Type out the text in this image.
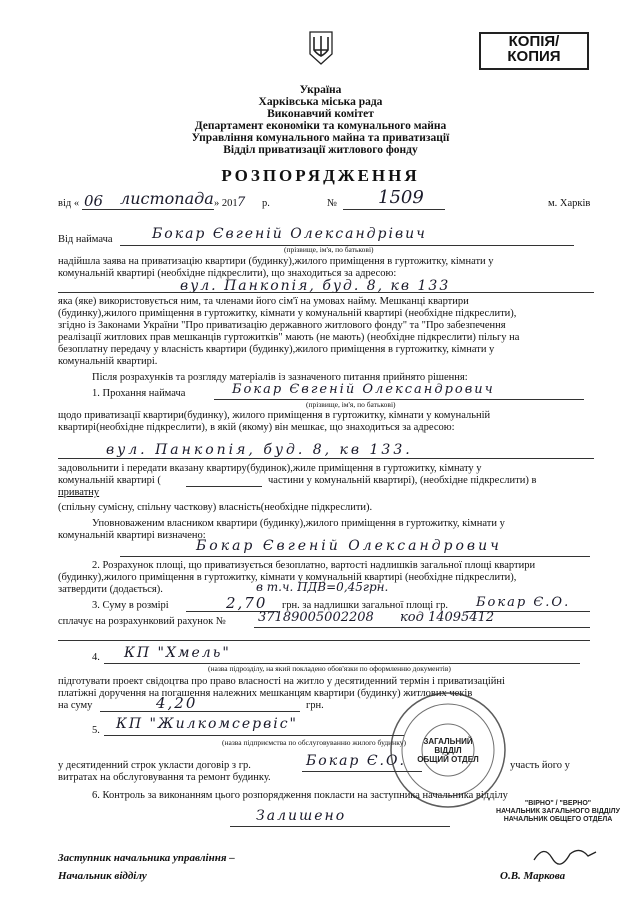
КОПІЯ/
КОПИЯ
Україна
Харківська міська рада
Виконавчий комітет
Департамент економіки та комунального майна
Управління комунального майна та приватизації
Відділ приватизації житлового фонду
РОЗПОРЯДЖЕННЯ
від « 06 листопада » 201 7 р.	№ 1509	м. Харків
Від наймача	Бокар Євгеній Олександрівич
(прізвище, ім'я, по батькові)
надійшла заява на приватизацію квартири (будинку),жилого приміщення в гуртожитку, кімнати у
комунальній квартирі (необхідне підкреслити), що знаходиться за адресою:
вул. Панкопія, буд. 8, кв 133
яка (яке) використовується ним, та членами його сім'ї на умовах найму. Мешканці квартири
(будинку),жилого приміщення в гуртожитку, кімнати у комунальній квартирі (необхідне підкреслити),
згідно із Законами України "Про приватизацію державного житлового фонду" та "Про забезпечення
реалізації житлових прав мешканців гуртожитків" мають (не мають) (необхідне підкреслити) пільгу на
безоплатну передачу у власність квартири (будинку),жилого приміщення в гуртожитку, кімнати у
комунальній квартирі.
Після розрахунків та розгляду матеріалів із зазначеного питання прийнято рішення:
1. Прохання наймача	Бокар Євгеній Олександрович
(прізвище, ім'я, по батькові)
щодо приватизації квартири(будинку), жилого приміщення в гуртожитку, кімнати у комунальній
квартирі(необхідне підкреслити), в якій (якому) він мешкає, що знаходиться за адресою:
вул. Панкопія, буд. 8, кв 133.
задовольнити і передати вказану квартиру(будинок),жиле приміщення в гуртожитку, кімнату у
комунальній квартирі (	частини у комунальній квартирі), (необхідне підкреслити) в
приватну
(спільну сумісну, спільну часткову) власність(необхідне підкреслити).
Уповноваженим власником квартири (будинку),жилого приміщення в гуртожитку, кімнати у
комунальній квартирі визначено:
Бокар Євгеній Олександрович
2. Розрахунок площі, що приватизується безоплатно, вартості надлишків загальної площі квартири
(будинку),жилого приміщення в гуртожитку, кімнати у комунальній квартирі (необхідне підкреслити),
затвердити (додається).	в т.ч. ПДВ=0,45грн.
3. Суму в розмірі	2,70 грн. за надлишки загальної площі гр. Бокар Є.О.
сплачує на розрахунковий рахунок № 37189005002208 код 14095412
4. КП "Хмель"
(назва підрозділу, на який покладено обов'язки по оформленню документів)
підготувати проект свідоцтва про право власності на житло у десятиденний термін і приватизаційні
платіжні доручення на погашення належних мешканцям квартири (будинку) житлових чеків
на суму	4,20	грн.
5. КП "Жилкомсервіс"
(назва підприємства по обслуговуванню жилого будинку)
у десятиденний строк укласти договір з гр.	Бокар Є.О.	участь його у
витратах на обслуговування та ремонт будинку.
6. Контроль за виконанням цього розпорядження покласти на заступника начальника відділу
Залишено
Заступник начальника управління –
Начальник відділу	О.В. Маркова
ЗАГАЛЬНИЙ
ВІДДІЛ
ОБЩИЙ ОТДЕЛ
"ВІРНО" / "ВЕРНО"
НАЧАЛЬНИК ЗАГАЛЬНОГО ВІДДІЛУ
НАЧАЛЬНИК ОБЩЕГО ОТДЕЛА
